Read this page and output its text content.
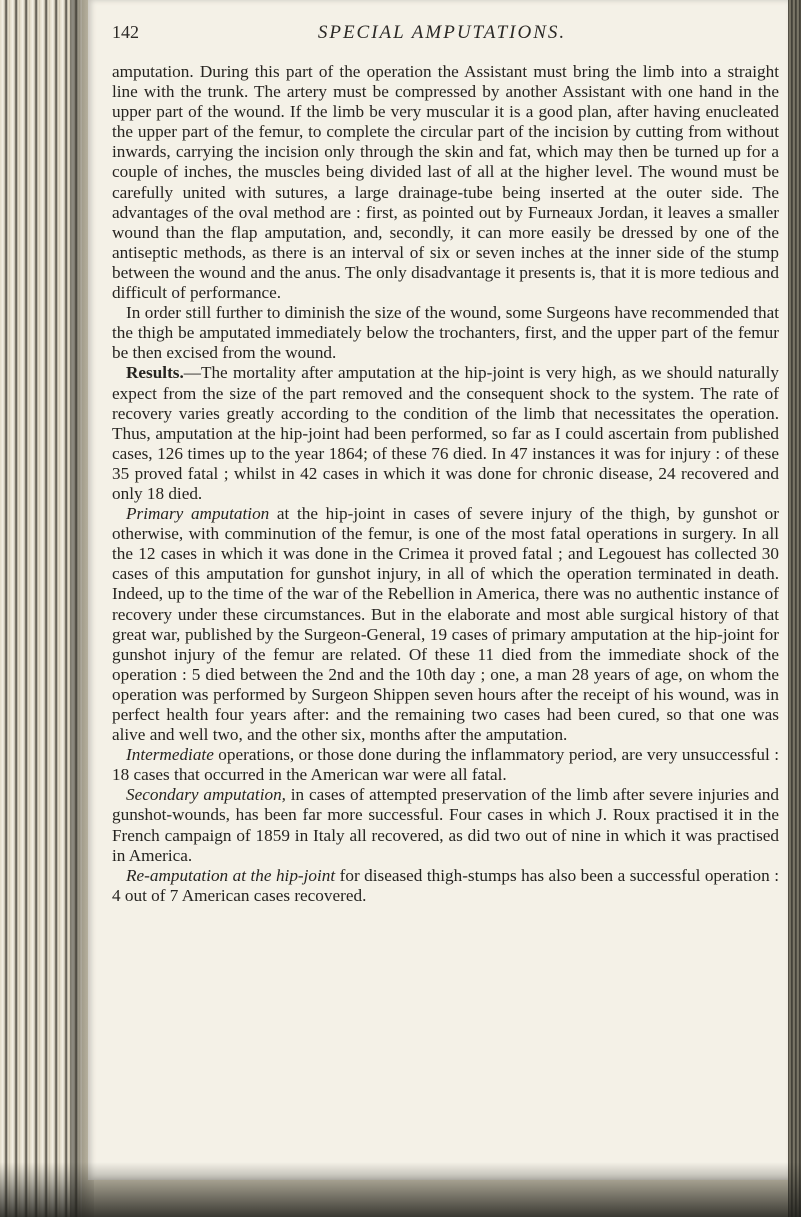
142	SPECIAL AMPUTATIONS.

amputation. During this part of the operation the Assistant must bring the limb into a straight line with the trunk. The artery must be compressed by another Assistant with one hand in the upper part of the wound. If the limb be very muscular it is a good plan, after having enucleated the upper part of the femur, to complete the circular part of the incision by cutting from without inwards, carrying the incision only through the skin and fat, which may then be turned up for a couple of inches, the muscles being divided last of all at the higher level. The wound must be carefully united with sutures, a large drainage-tube being inserted at the outer side. The advantages of the oval method are : first, as pointed out by Furneaux Jordan, it leaves a smaller wound than the flap amputation, and, secondly, it can more easily be dressed by one of the antiseptic methods, as there is an interval of six or seven inches at the inner side of the stump between the wound and the anus. The only disadvantage it presents is, that it is more tedious and difficult of performance.

In order still further to diminish the size of the wound, some Surgeons have recommended that the thigh be amputated immediately below the trochanters, first, and the upper part of the femur be then excised from the wound.

Results.—The mortality after amputation at the hip-joint is very high, as we should naturally expect from the size of the part removed and the consequent shock to the system. The rate of recovery varies greatly according to the condition of the limb that necessitates the operation. Thus, amputation at the hip-joint had been performed, so far as I could ascertain from published cases, 126 times up to the year 1864; of these 76 died. In 47 instances it was for injury : of these 35 proved fatal ; whilst in 42 cases in which it was done for chronic disease, 24 recovered and only 18 died.

Primary amputation at the hip-joint in cases of severe injury of the thigh, by gunshot or otherwise, with comminution of the femur, is one of the most fatal operations in surgery. In all the 12 cases in which it was done in the Crimea it proved fatal ; and Legouest has collected 30 cases of this amputation for gunshot injury, in all of which the operation terminated in death. Indeed, up to the time of the war of the Rebellion in America, there was no authentic instance of recovery under these circumstances. But in the elaborate and most able surgical history of that great war, published by the Surgeon-General, 19 cases of primary amputation at the hip-joint for gunshot injury of the femur are related. Of these 11 died from the immediate shock of the operation : 5 died between the 2nd and the 10th day ; one, a man 28 years of age, on whom the operation was performed by Surgeon Shippen seven hours after the receipt of his wound, was in perfect health four years after: and the remaining two cases had been cured, so that one was alive and well two, and the other six, months after the amputation.

Intermediate operations, or those done during the inflammatory period, are very unsuccessful : 18 cases that occurred in the American war were all fatal.

Secondary amputation, in cases of attempted preservation of the limb after severe injuries and gunshot-wounds, has been far more successful. Four cases in which J. Roux practised it in the French campaign of 1859 in Italy all recovered, as did two out of nine in which it was practised in America.

Re-amputation at the hip-joint for diseased thigh-stumps has also been a successful operation : 4 out of 7 American cases recovered.
